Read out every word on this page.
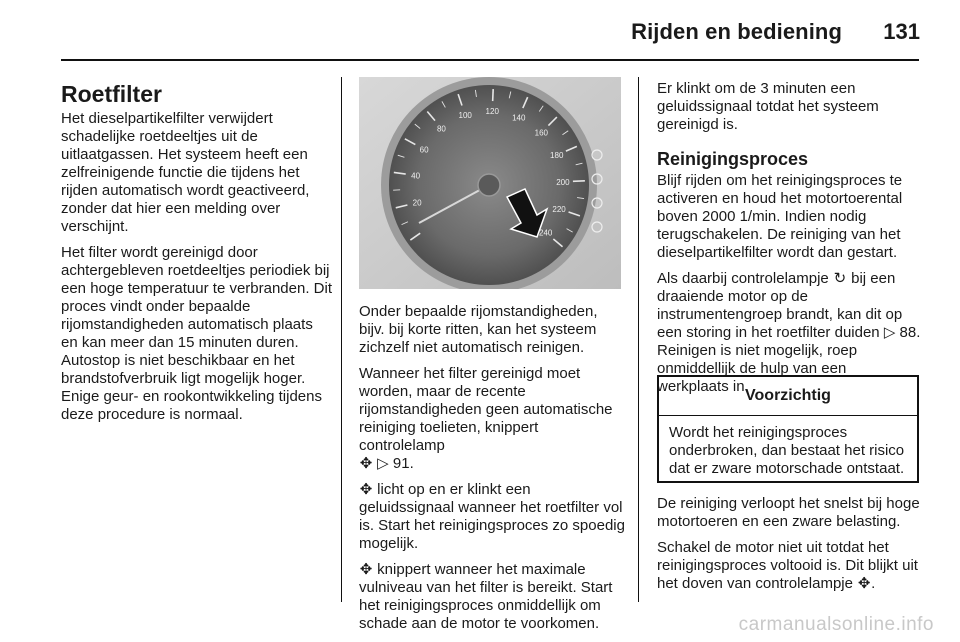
Rijden en bediening 131
Roetfilter

Het dieselpartikelfilter verwijdert schadelijke roetdeeltjes uit de uitlaatgassen. Het systeem heeft een zelfreinigende functie die tijdens het rijden automatisch wordt geactiveerd, zonder dat hier een melding over verschijnt.

Het filter wordt gereinigd door achtergebleven roetdeeltjes periodiek bij een hoge temperatuur te verbranden. Dit proces vindt onder bepaalde rijomstandigheden automatisch plaats en kan meer dan 15 minuten duren. Autostop is niet beschikbaar en het brandstofverbruik ligt mogelijk hoger. Enige geur- en rookontwikkeling tijdens deze procedure is normaal.

20
40
60
80
100 120
140
160
180
200
220
240

Onder bepaalde rijomstandigheden, bijv. bij korte ritten, kan het systeem zichzelf niet automatisch reinigen.

Wanneer het filter gereinigd moet worden, maar de recente rijomstandigheden geen automatische reiniging toelieten, knippert controlelamp
✥ ▷ 91.

✥ licht op en er klinkt een geluidssignaal wanneer het roetfilter vol is. Start het reinigingsproces zo spoedig mogelijk.

✥ knippert wanneer het maximale vulniveau van het filter is bereikt. Start het reinigingsproces onmiddellijk om schade aan de motor te voorkomen.

Er klinkt om de 3 minuten een geluidssignaal totdat het systeem gereinigd is.

Reinigingsproces

Blijf rijden om het reinigingsproces te activeren en houd het motortoerental boven 2000 1/min. Indien nodig terugschakelen. De reiniging van het dieselpartikelfilter wordt dan gestart.

Als daarbij controlelampje ↻ bij een draaiende motor op de instrumentengroep brandt, kan dit op een storing in het roetfilter duiden ▷ 88. Reinigen is niet mogelijk, roep onmiddellijk de hulp van een werkplaats in.

Voorzichtig
Wordt het reinigingsproces onderbroken, dan bestaat het risico dat er zware motorschade ontstaat.

De reiniging verloopt het snelst bij hoge motortoeren en een zware belasting.

Schakel de motor niet uit totdat het reinigingsproces voltooid is. Dit blijkt uit het doven van controlelampje ✥.

carmanualsonline.info
